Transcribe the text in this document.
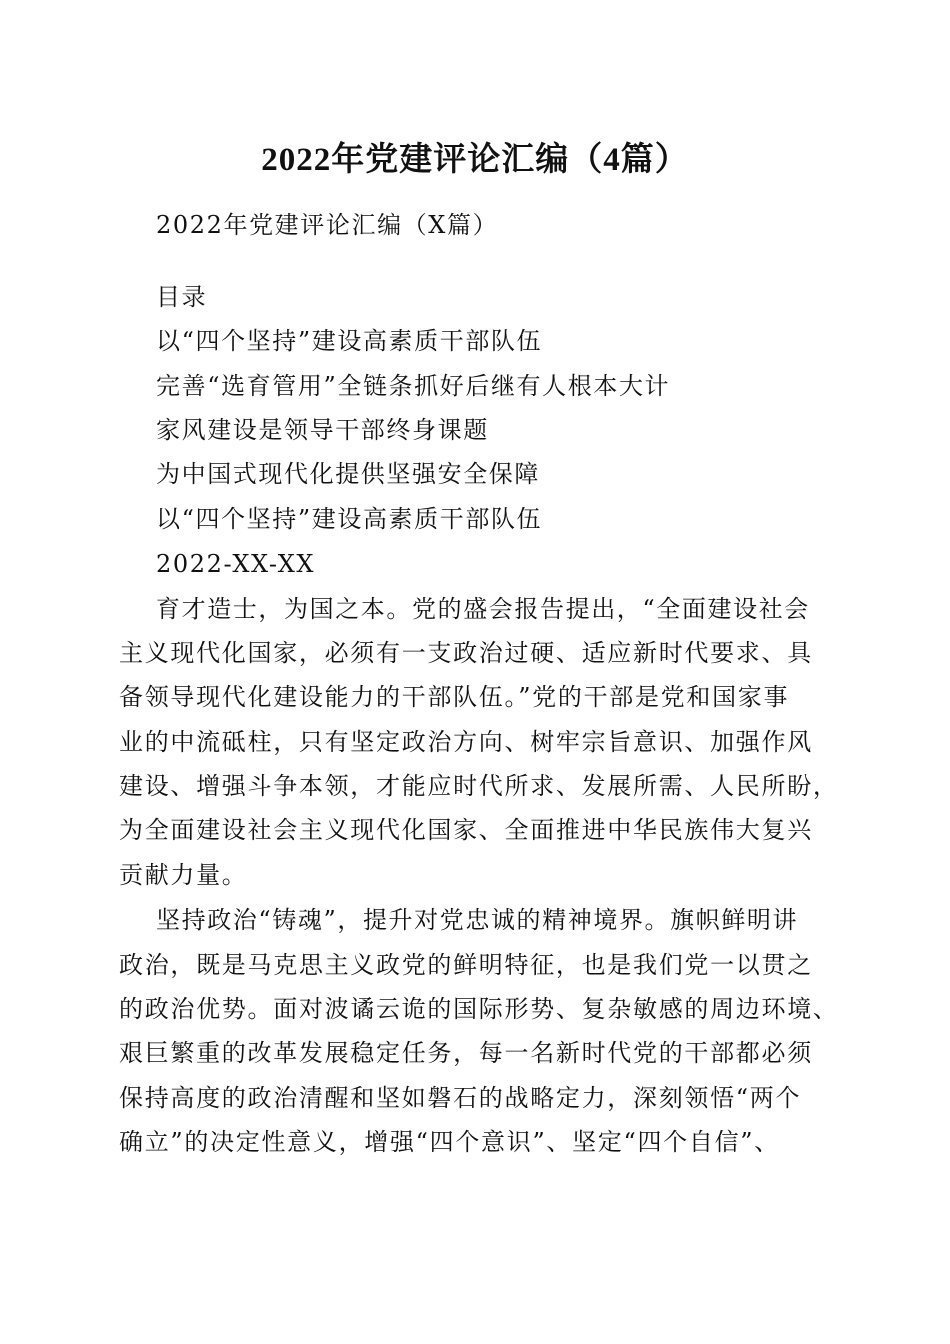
2022年党建评论汇编（4篇）
2022年党建评论汇编（X篇）
目录
以“四个坚持”建设高素质干部队伍
完善“选育管用”全链条抓好后继有人根本大计
家风建设是领导干部终身课题
为中国式现代化提供坚强安全保障
以“四个坚持”建设高素质干部队伍
2022-XX-XX
育才造士，为国之本。党的盛会报告提出，“全面建设社会
主义现代化国家，必须有一支政治过硬、适应新时代要求、具
备领导现代化建设能力的干部队伍。”党的干部是党和国家事
业的中流砥柱，只有坚定政治方向、树牢宗旨意识、加强作风
建设、增强斗争本领，才能应时代所求、发展所需、人民所盼，
为全面建设社会主义现代化国家、全面推进中华民族伟大复兴
贡献力量。
坚持政治“铸魂”，提升对党忠诚的精神境界。旗帜鲜明讲
政治，既是马克思主义政党的鲜明特征，也是我们党一以贯之
的政治优势。面对波谲云诡的国际形势、复杂敏感的周边环境、
艰巨繁重的改革发展稳定任务，每一名新时代党的干部都必须
保持高度的政治清醒和坚如磐石的战略定力，深刻领悟“两个
确立”的决定性意义，增强“四个意识”、坚定“四个自信”、
